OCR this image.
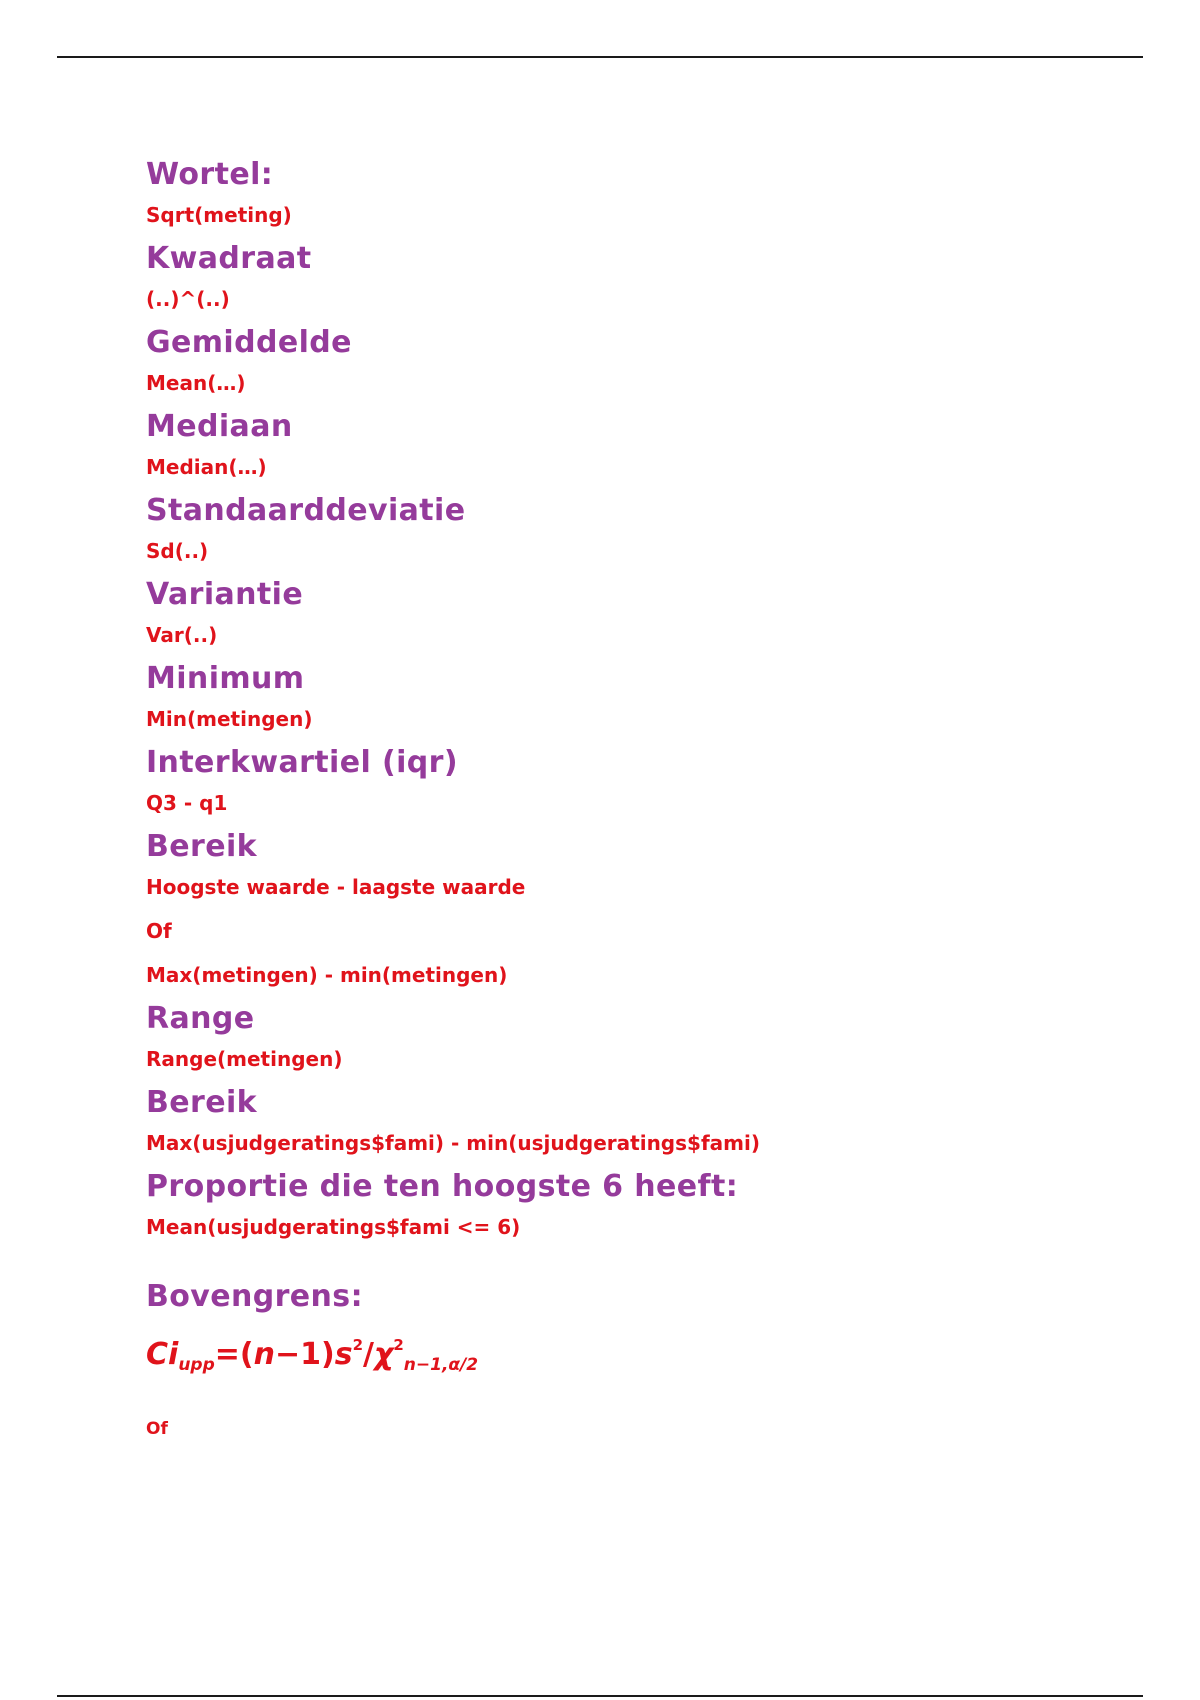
Wortel:
Sqrt(meting)
Kwadraat
(..)^(..)
Gemiddelde
Mean(…)
Mediaan
Median(…)
Standaarddeviatie
Sd(..)
Variantie
Var(..)
Minimum
Min(metingen)
Interkwartiel (iqr)
Q3 - q1
Bereik
Hoogste waarde - laagste waarde
Of
Max(metingen) - min(metingen)
Range
Range(metingen)
Bereik
Max(usjudgeratings$fami) - min(usjudgeratings$fami)
Proportie die ten hoogste 6 heeft:
Mean(usjudgeratings$fami <= 6)
Bovengrens:
$Ci_{upp}=(n-1)s^2/\chi^2_{n-1,\alpha/2}$
Of
